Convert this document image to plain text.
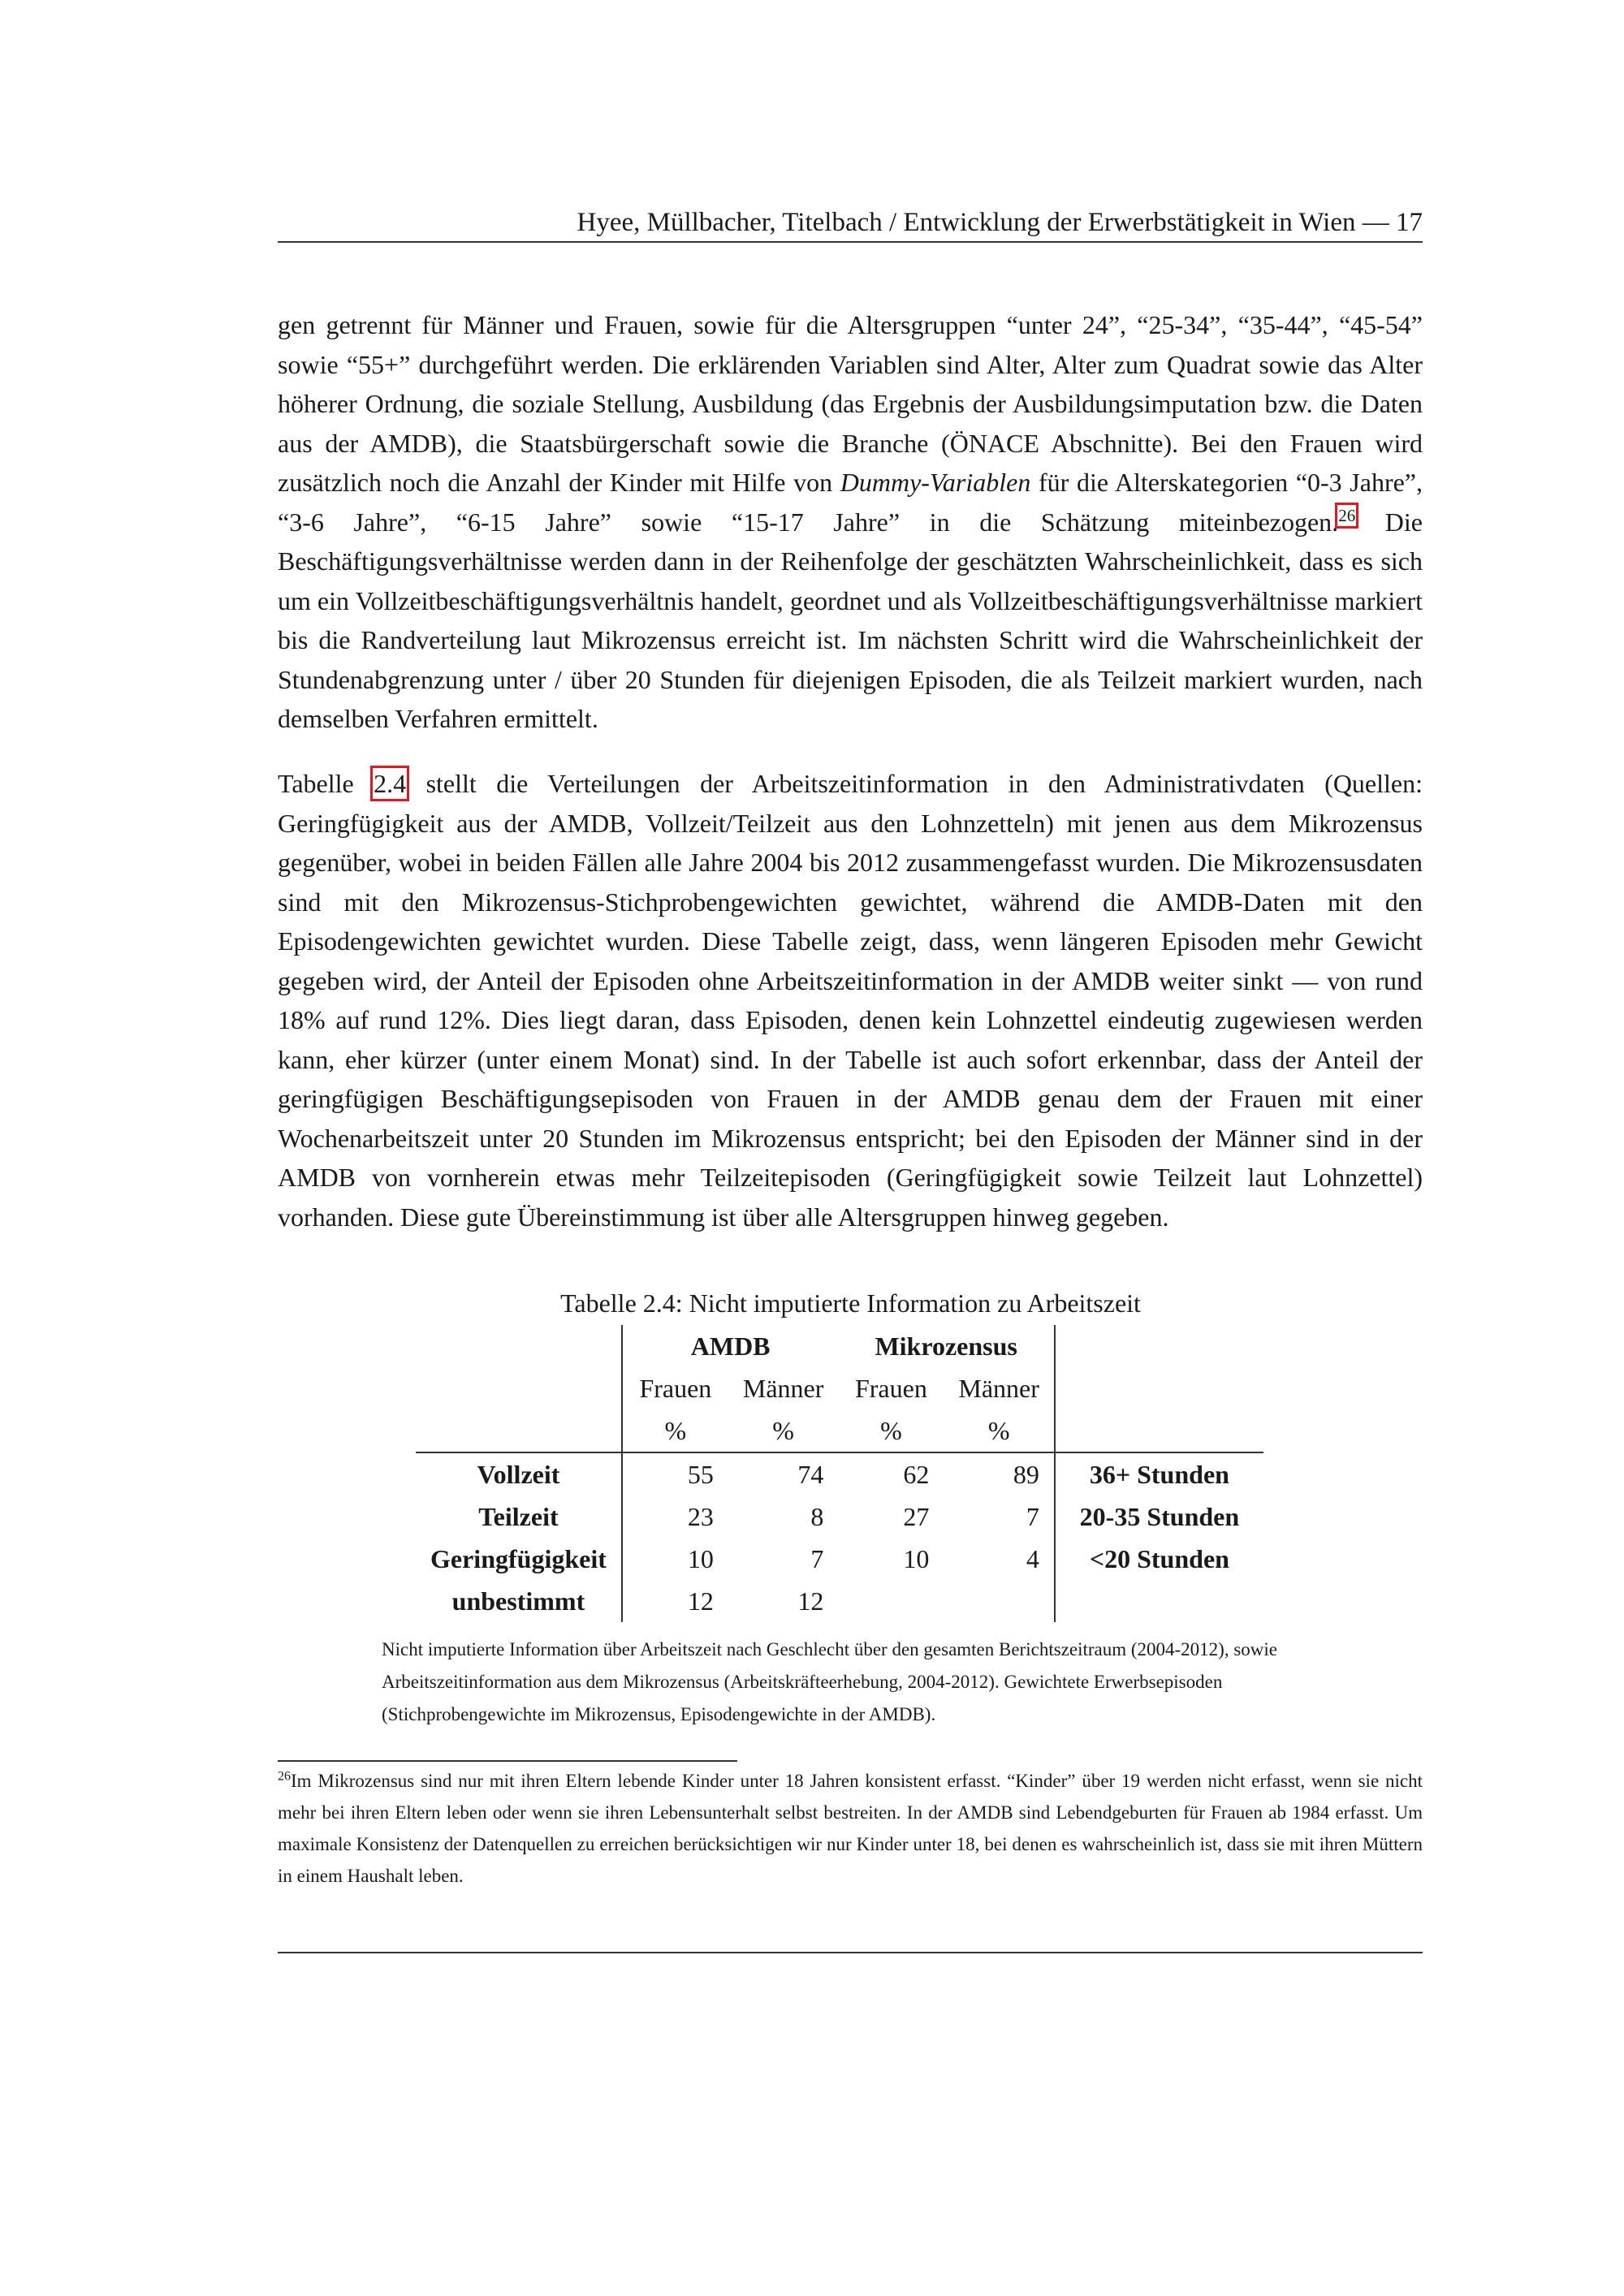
Hyee, Müllbacher, Titelbach / Entwicklung der Erwerbstätigkeit in Wien — 17
gen getrennt für Männer und Frauen, sowie für die Altersgruppen “unter 24”, “25-34”, “35-44”, “45-54” sowie “55+” durchgeführt werden. Die erklärenden Variablen sind Alter, Alter zum Quadrat sowie das Alter höherer Ordnung, die soziale Stellung, Ausbildung (das Ergebnis der Ausbildungsimputation bzw. die Daten aus der AMDB), die Staatsbürgerschaft sowie die Branche (ÖNACE Abschnitte). Bei den Frauen wird zusätzlich noch die Anzahl der Kinder mit Hilfe von Dummy-Variablen für die Alterskategorien “0-3 Jahre”, “3-6 Jahre”, “6-15 Jahre” sowie “15-17 Jahre” in die Schätzung miteinbezogen.$^{26}$ Die Beschäftigungsverhältnisse werden dann in der Reihenfolge der geschätzten Wahrscheinlichkeit, dass es sich um ein Vollzeitbeschäftigungsverhältnis handelt, geordnet und als Vollzeitbeschäftigungsverhältnisse markiert bis die Randverteilung laut Mikrozensus erreicht ist. Im nächsten Schritt wird die Wahrscheinlichkeit der Stundenabgrenzung unter / über 20 Stunden für diejenigen Episoden, die als Teilzeit markiert wurden, nach demselben Verfahren ermittelt.
Tabelle 2.4 stellt die Verteilungen der Arbeitszeitinformation in den Administrativdaten (Quellen: Geringfügigkeit aus der AMDB, Vollzeit/Teilzeit aus den Lohnzetteln) mit jenen aus dem Mikrozensus gegenüber, wobei in beiden Fällen alle Jahre 2004 bis 2012 zusammengefasst wurden. Die Mikrozensusdaten sind mit den Mikrozensus-Stichprobengewichten gewichtet, während die AMDB-Daten mit den Episodengewichten gewichtet wurden. Diese Tabelle zeigt, dass, wenn längeren Episoden mehr Gewicht gegeben wird, der Anteil der Episoden ohne Arbeitszeitinformation in der AMDB weiter sinkt — von rund 18% auf rund 12%. Dies liegt daran, dass Episoden, denen kein Lohnzettel eindeutig zugewiesen werden kann, eher kürzer (unter einem Monat) sind. In der Tabelle ist auch sofort erkennbar, dass der Anteil der geringfügigen Beschäftigungsepisoden von Frauen in der AMDB genau dem der Frauen mit einer Wochenarbeitszeit unter 20 Stunden im Mikrozensus entspricht; bei den Episoden der Männer sind in der AMDB von vornherein etwas mehr Teilzeitepisoden (Geringfügigkeit sowie Teilzeit laut Lohnzettel) vorhanden. Diese gute Übereinstimmung ist über alle Altersgruppen hinweg gegeben.
Tabelle 2.4: Nicht imputierte Information zu Arbeitszeit
	AMDB		Mikrozensus		
	Frauen	Männer	Frauen	Männer	
	%	%	%	%	
Vollzeit	55	74	62	89	36+ Stunden
Teilzeit	23	8	27	7	20-35 Stunden
Geringfügigkeit	10	7	10	4	<20 Stunden
unbestimmt	12	12			
Nicht imputierte Information über Arbeitszeit nach Geschlecht über den gesamten Berichtszeitraum (2004-2012), sowie Arbeitszeitinformation aus dem Mikrozensus (Arbeitskräfteerhebung, 2004-2012). Gewichtete Erwerbsepisoden (Stichprobengewichte im Mikrozensus, Episodengewichte in der AMDB).
$^{26}$Im Mikrozensus sind nur mit ihren Eltern lebende Kinder unter 18 Jahren konsistent erfasst. “Kinder” über 19 werden nicht erfasst, wenn sie nicht mehr bei ihren Eltern leben oder wenn sie ihren Lebensunterhalt selbst bestreiten. In der AMDB sind Lebendgeburten für Frauen ab 1984 erfasst. Um maximale Konsistenz der Datenquellen zu erreichen berücksichtigen wir nur Kinder unter 18, bei denen es wahrscheinlich ist, dass sie mit ihren Müttern in einem Haushalt leben.
